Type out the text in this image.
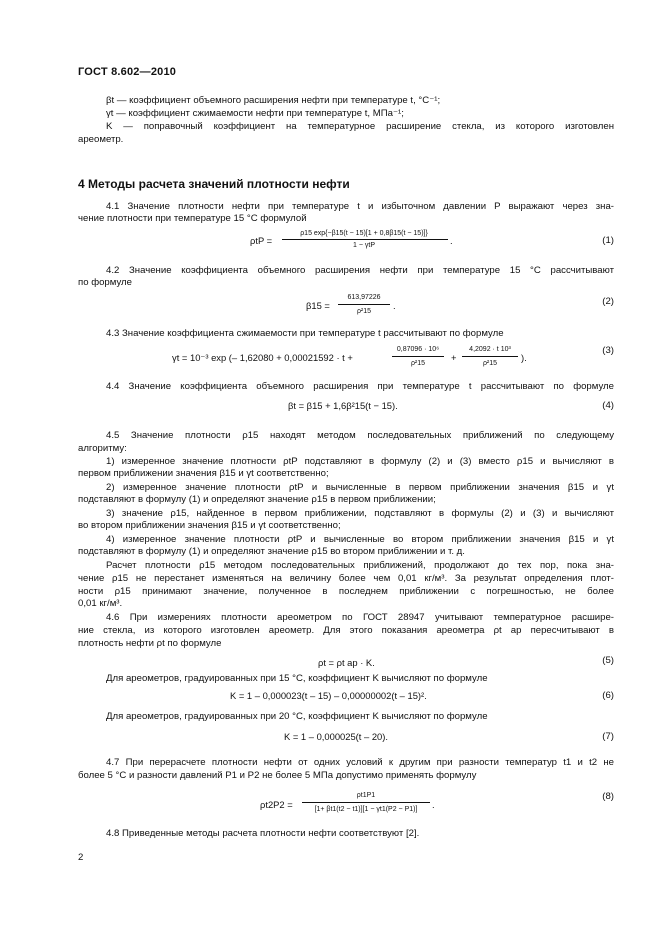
ГОСТ 8.602—2010
βt — коэффициент объемного расширения нефти при температуре t, °С⁻¹;
γt — коэффициент сжимаемости нефти при температуре t, МПа⁻¹;
K — поправочный коэффициент на температурное расширение стекла, из которого изготовлен
ареометр.
4 Методы расчета значений плотности нефти
4.1 Значение плотности нефти при температуре t и избыточном давлении P выражают через зна-
чение плотности при температуре 15 °С формулой
ρtP =
ρ15 exp{−β15(t − 15)[1 + 0,8β15(t − 15)]}
1 − γtP	.	(1)
4.2 Значение коэффициента объемного расширения нефти при температуре 15 °С рассчитывают
по формуле
β15 =
613,97226
ρ²15
.	(2)
4.3 Значение коэффициента сжимаемости при температуре t рассчитывают по формуле
γt = 10⁻³ exp (– 1,62080 + 0,00021592 · t +
0,87096 · 10⁶
ρ²15
+
4,2092 · t 10³
ρ²15
).
(3)
4.4 Значение коэффициента объемного расширения при температуре t рассчитывают по формуле
βt = β15 + 1,6β²15(t − 15).	(4)
4.5 Значение плотности ρ15 находят методом последовательных приближений по следующему
алгоритму:
1) измеренное значение плотности ρtP подставляют в формулу (2) и (3) вместо ρ15 и вычисляют в
первом приближении значения β15 и γt соответственно;
2) измеренное значение плотности ρtP и вычисленные в первом приближении значения β15 и γt
подставляют в формулу (1) и определяют значение ρ15 в первом приближении;
3) значение ρ15, найденное в первом приближении, подставляют в формулы (2) и (3) и вычисляют
во втором приближении значения β15 и γt соответственно;
4) измеренное значение плотности ρtP и вычисленные во втором приближении значения β15 и γt
подставляют в формулу (1) и определяют значение ρ15 во втором приближении и т. д.
Расчет плотности ρ15 методом последовательных приближений, продолжают до тех пор, пока зна-
чение ρ15 не перестанет изменяться на величину более чем 0,01 кг/м³. За результат определения плот-
ности ρ15 принимают значение, полученное в последнем приближении с погрешностью, не более
0,01 кг/м³.
4.6 При измерениях плотности ареометром по ГОСТ 28947 учитывают температурное расшире-
ние стекла, из которого изготовлен ареометр. Для этого показания ареометра ρt ар пересчитывают в
плотность нефти ρt по формуле
ρt = ρt ар · K.	(5)
Для ареометров, градуированных при 15 °С, коэффициент K вычисляют по формуле
K = 1 – 0,000023(t – 15) – 0,00000002(t – 15)².	(6)
Для ареометров, градуированных при 20 °С, коэффициент K вычисляют по формуле
K = 1 – 0,000025(t – 20).	(7)
4.7 При перерасчете плотности нефти от одних условий к другим при разности температур t1 и t2 не
более 5 °С и разности давлений P1 и P2 не более 5 МПа допустимо применять формулу
ρt2P2 =
ρt1P1
[1+ βt1(t2 − t1)][1 − γt1(P2 − P1)]	.
(8)
4.8 Приведенные методы расчета плотности нефти соответствуют [2].
2
